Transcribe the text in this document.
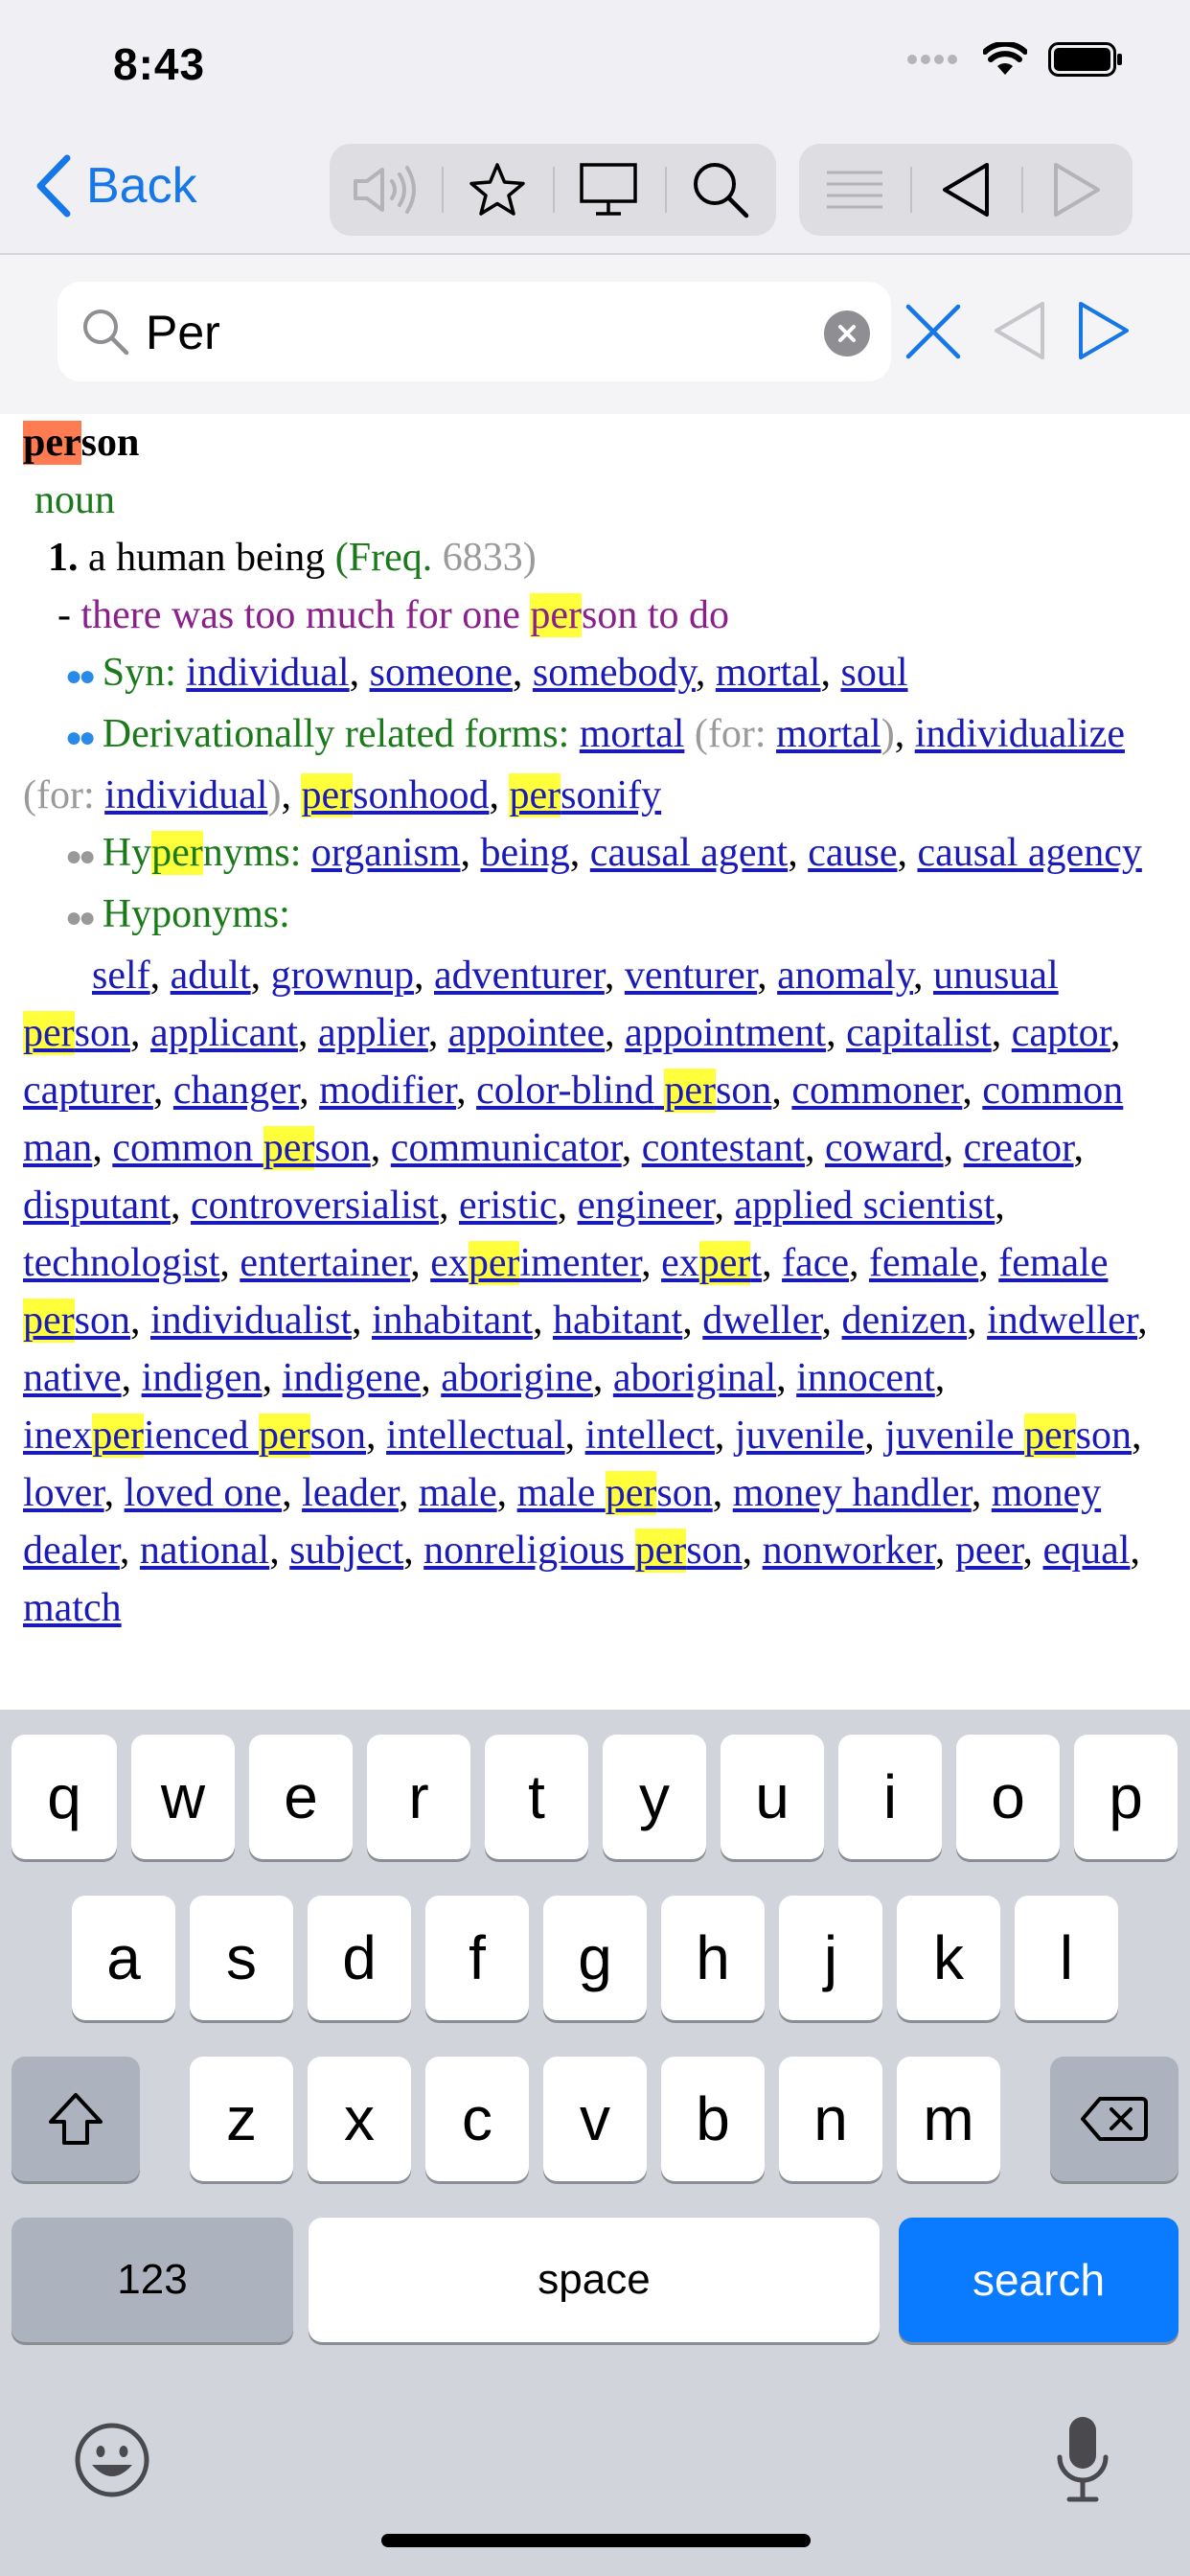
8:43
Back
Per

person

noun

1. a human being (Freq. 6833)

- there was too much for one person to do

●● Syn: individual, someone, somebody, mortal, soul

●● Derivationally related forms: mortal (for: mortal), individualize (for: individual), personhood, personify

●● Hypernyms: organism, being, causal agent, cause, causal agency

●● Hyponyms:

self, adult, grownup, adventurer, venturer, anomaly, unusual person, applicant, applier, appointee, appointment, capitalist, captor, capturer, changer, modifier, color-blind person, commoner, common man, common person, communicator, contestant, coward, creator, disputant, controversialist, eristic, engineer, applied scientist, technologist, entertainer, experimenter, expert, face, female, female person, individualist, inhabitant, habitant, dweller, denizen, indweller, native, indigen, indigene, aborigine, aboriginal, innocent, inexperienced person, intellectual, intellect, juvenile, juvenile person, lover, loved one, leader, male, male person, money handler, money dealer, national, subject, nonreligious person, nonworker, peer, equal, match

q	w	e	r	t	y	u	i	o	p
a	s	d	f	g	h	j	k	l
z	x	c	v	b	n	m
123	space	search
